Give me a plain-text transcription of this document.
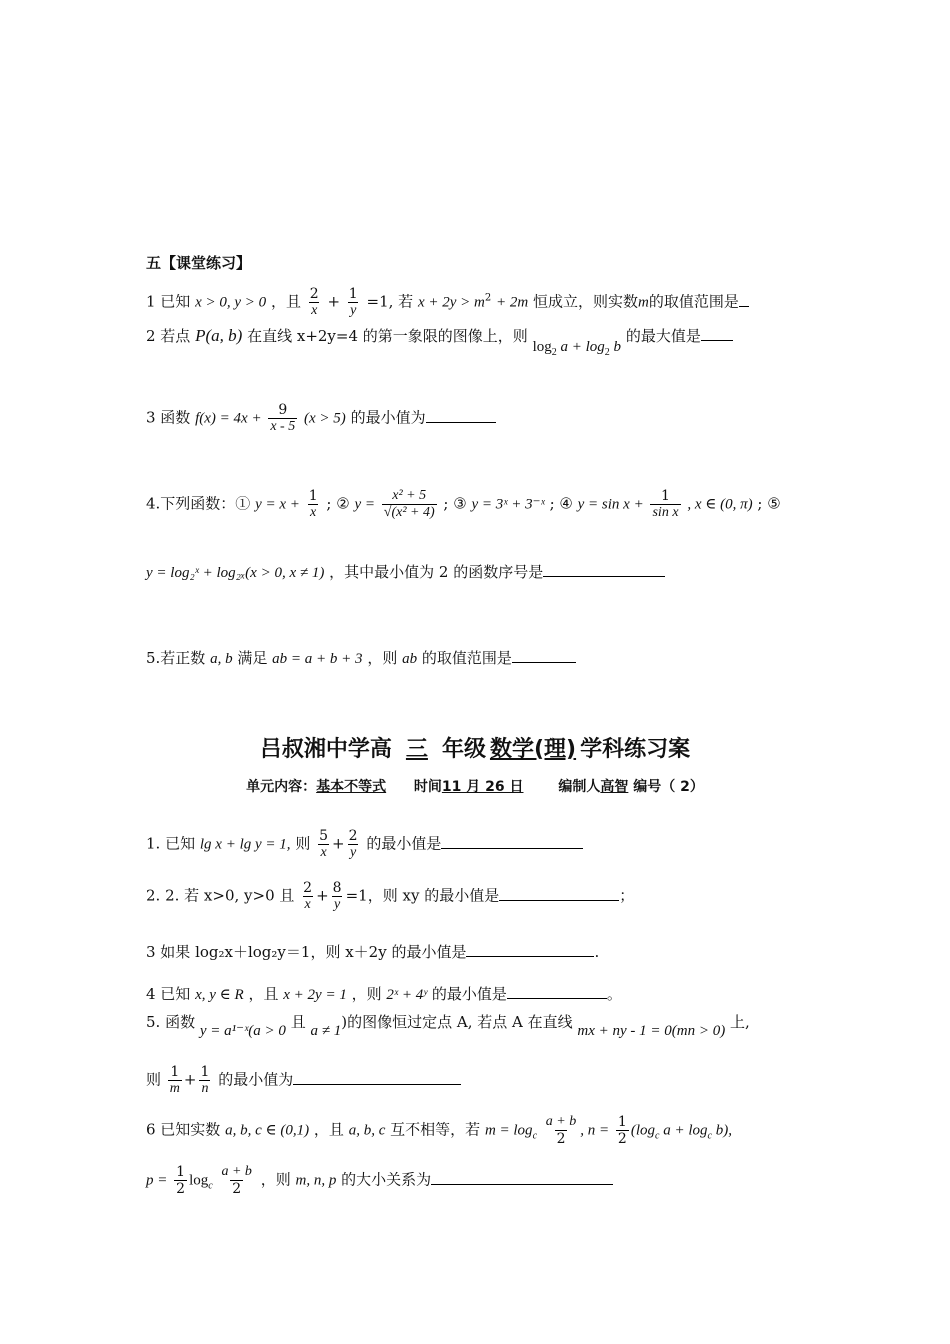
五【课堂练习】
1 已知 x > 0, y > 0 ，且 $\frac{2}{x} + \frac{1}{y} =1$, 若 $x + 2y > m^2 + 2m$ 恒成立，则实数m的取值范围是
2 若点 P(a, b) 在直线 x+2y=4 的第一象限的图像上，则 $\log_2 a + \log_2 b$ 的最大值是
3 函数 $f(x) = 4x + \frac{9}{x - 5} (x > 5)$ 的最小值为
4.下列函数：① $y = x + \frac{1}{x}$ ; ② $y = \frac{\text{x² + 5}}{\text{√(x² + 4)}}$ ; ③ y = 3ˣ + 3⁻ˣ ; ④ $y = \sin x + \frac{1}{\text{sin x}}$ , x ∈ (0, π) ; ⑤
y = log₂ˣ + log₂ₓ(x > 0, x ≠ 1) ，其中最小值为 2 的函数序号是
5.若正数 a, b 满足 ab = a + b + 3 ，则 ab 的取值范围是
吕叔湘中学高 三 年级 数学(理) 学科练习案
单元内容：基本不等式 时间11 月 26 日 编制人高智 编号（ 2）
1. 已知 lg x + lg y = 1, 则 $\frac{5}{x} + \frac{2}{y}$ 的最小值是
2. 2. 若 x>0, y>0 且 $\frac{2}{x} + \frac{8}{y} =1$，则 xy 的最小值是	；
3 如果 log₂x＋log₂y＝1，则 x＋2y 的最小值是	.
4 已知 x, y ∈ R ，且 x + 2y = 1 ，则 2ˣ + 4ʸ 的最小值是	。
5. 函数 y = a¹⁻ˣ(a > 0 且 a ≠ 1)的图像恒过定点 A, 若点 A 在直线 mx + ny - 1 = 0(mn > 0) 上,
则 $\frac{1}{m} + \frac{1}{n}$ 的最小值为
6 已知实数 a, b, c ∈ (0,1) ，且 a, b, c 互不相等，若 $m = \log_c \frac{a + b}{2}$ , $n = \frac{1}{2} (\log_c$ $a + \log_c b$),
$p = \frac{1}{2} \log_c \frac{a + b}{2}$ ，则 m, n, p 的大小关系为
